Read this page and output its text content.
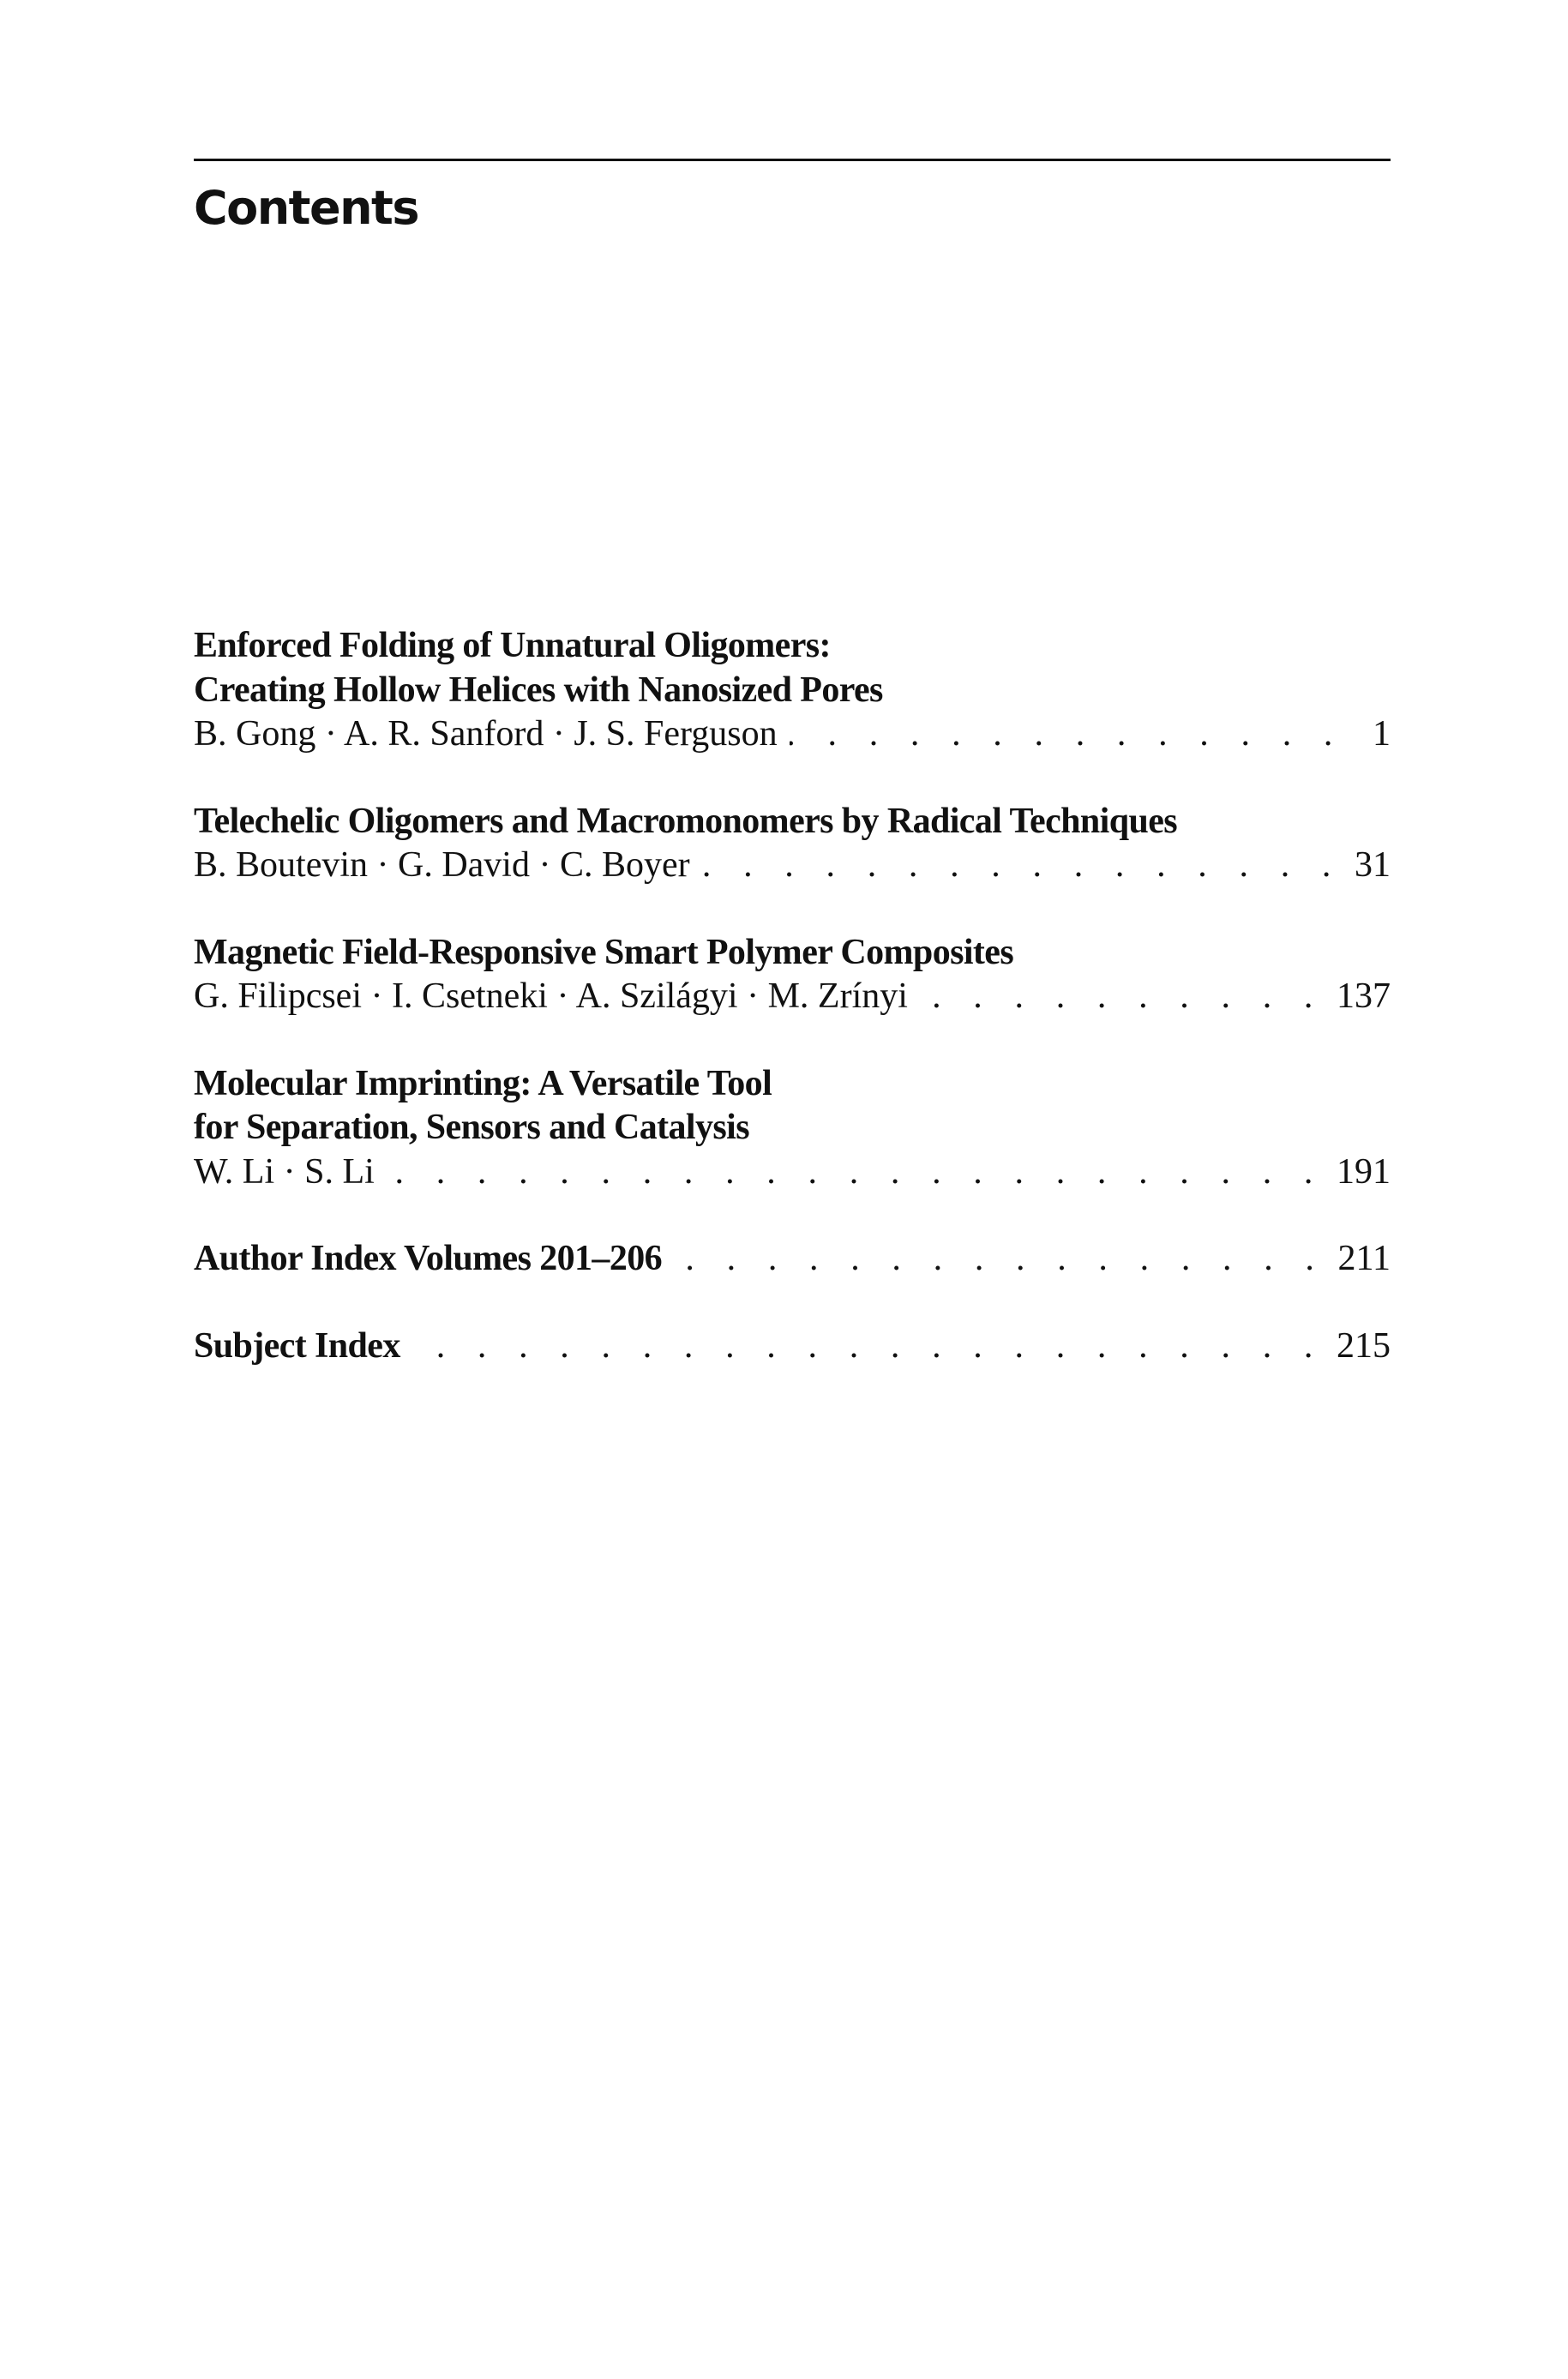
Contents
Enforced Folding of Unnatural Oligomers:
Creating Hollow Helices with Nanosized Pores
B. Gong · A. R. Sanford · J. S. Ferguson . . .	1
Telechelic Oligomers and Macromonomers by Radical Techniques
B. Boutevin · G. David · C. Boyer . . .	31
Magnetic Field-Responsive Smart Polymer Composites
G. Filipcsei · I. Csetneki · A. Szilágyi · M. Zrínyi . . .	137
Molecular Imprinting: A Versatile Tool
for Separation, Sensors and Catalysis
W. Li · S. Li . . .	191
Author Index Volumes 201–206 . . .	211
Subject Index . . .	215
